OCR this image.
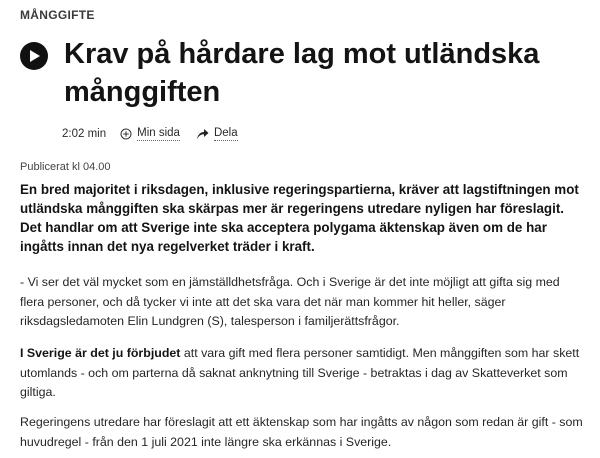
MÅNGGIFTE
Krav på hårdare lag mot utländska månggiften
2:02 min	Min sida	Dela
Publicerat kl 04.00

En bred majoritet i riksdagen, inklusive regeringspartierna, kräver att lagstiftningen mot utländska månggiften ska skärpas mer är regeringens utredare nyligen har föreslagit. Det handlar om att Sverige inte ska acceptera polygama äktenskap även om de har ingåtts innan det nya regelverket träder i kraft.

- Vi ser det väl mycket som en jämställdhetsfråga. Och i Sverige är det inte möjligt att gifta sig med flera personer, och då tycker vi inte att det ska vara det när man kommer hit heller, säger riksdagsledamoten Elin Lundgren (S), talesperson i familjerättsfrågor.

I Sverige är det ju förbjudet att vara gift med flera personer samtidigt. Men månggiften som har skett utomlands - och om parterna då saknat anknytning till Sverige - betraktas i dag av Skatteverket som giltiga.

Regeringens utredare har föreslagit att ett äktenskap som har ingåtts av någon som redan är gift - som huvudregel - från den 1 juli 2021 inte längre ska erkännas i Sverige.
